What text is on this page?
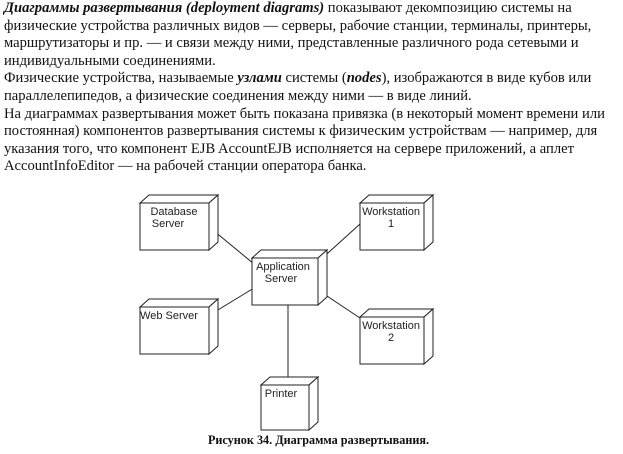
Диаграммы развертывания (deployment diagrams) показывают декомпозицию системы на физические устройства различных видов — серверы, рабочие станции, терминалы, принтеры, маршрутизаторы и пр. — и связи между ними, представленные различного рода сетевыми и индивидуальными соединениями.

Физические устройства, называемые узлами системы (nodes), изображаются в виде кубов или параллелепипедов, а физические соединения между ними — в виде линий.

На диаграммах развертывания может быть показана привязка (в некоторый момент времени или постоянная) компонентов развертывания системы к физическим устройствам — например, для указания того, что компонент EJB AccountEJB исполняется на сервере приложений, а аплет AccountInfoEditor — на рабочей станции оператора банка.

Database
Server
Web Server
Application
Server
Workstation
1
Workstation
2
Printer
Рисунок 34. Диаграмма развертывания.
